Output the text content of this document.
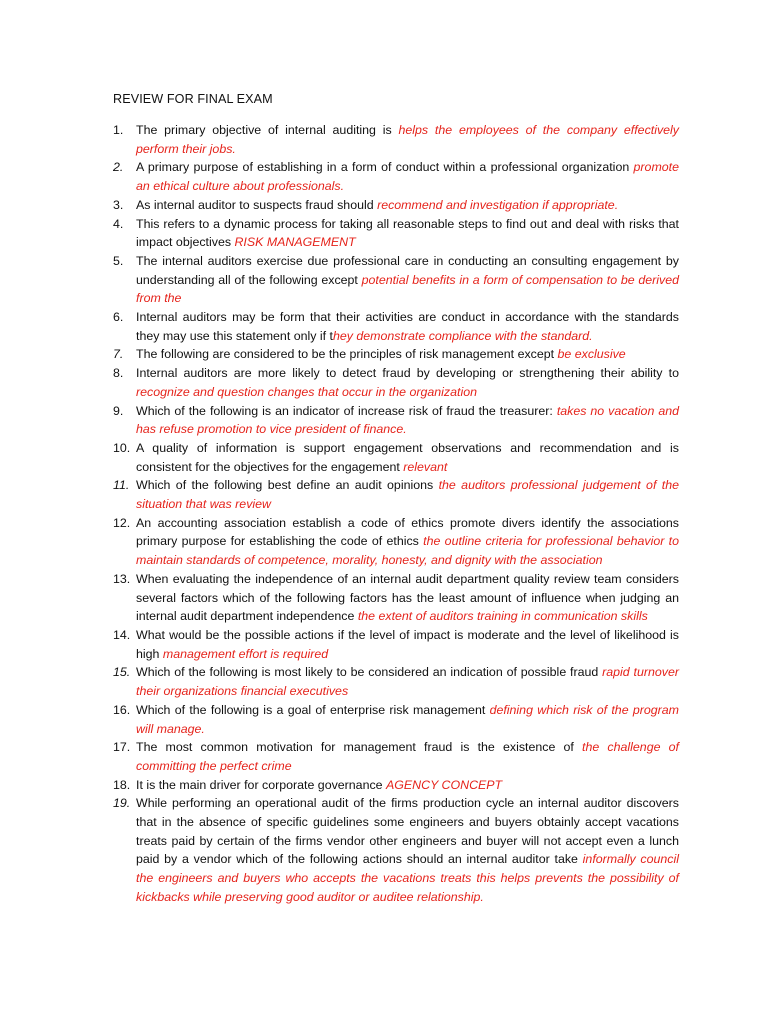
REVIEW FOR FINAL EXAM
1.	The primary objective of internal auditing is helps the employees of the company effectively perform their jobs.
2.	A primary purpose of establishing in a form of conduct within a professional organization promote an ethical culture about professionals.
3.	As internal auditor to suspects fraud should recommend and investigation if appropriate.
4.	This refers to a dynamic process for taking all reasonable steps to find out and deal with risks that impact objectives RISK MANAGEMENT
5.	The internal auditors exercise due professional care in conducting an consulting engagement by understanding all of the following except potential benefits in a form of compensation to be derived from the
6.	Internal auditors may be form that their activities are conduct in accordance with the standards they may use this statement only if they demonstrate compliance with the standard.
7.	The following are considered to be the principles of risk management except be exclusive
8.	Internal auditors are more likely to detect fraud by developing or strengthening their ability to recognize and question changes that occur in the organization
9.	Which of the following is an indicator of increase risk of fraud the treasurer: takes no vacation and has refuse promotion to vice president of finance.
10. A quality of information is support engagement observations and recommendation and is consistent for the objectives for the engagement relevant
11. Which of the following best define an audit opinions the auditors professional judgement of the situation that was review
12. An accounting association establish a code of ethics promote divers identify the associations primary purpose for establishing the code of ethics the outline criteria for professional behavior to maintain standards of competence, morality, honesty, and dignity with the association
13. When evaluating the independence of an internal audit department quality review team considers several factors which of the following factors has the least amount of influence when judging an internal audit department independence the extent of auditors training in communication skills
14. What would be the possible actions if the level of impact is moderate and the level of likelihood is high management effort is required
15. Which of the following is most likely to be considered an indication of possible fraud rapid turnover their organizations financial executives
16. Which of the following is a goal of enterprise risk management defining which risk of the program will manage.
17. The most common motivation for management fraud is the existence of the challenge of committing the perfect crime
18. It is the main driver for corporate governance AGENCY CONCEPT
19. While performing an operational audit of the firms production cycle an internal auditor discovers that in the absence of specific guidelines some engineers and buyers obtainly accept vacations treats paid by certain of the firms vendor other engineers and buyer will not accept even a lunch paid by a vendor which of the following actions should an internal auditor take informally council the engineers and buyers who accepts the vacations treats this helps prevents the possibility of kickbacks while preserving good auditor or auditee relationship.
